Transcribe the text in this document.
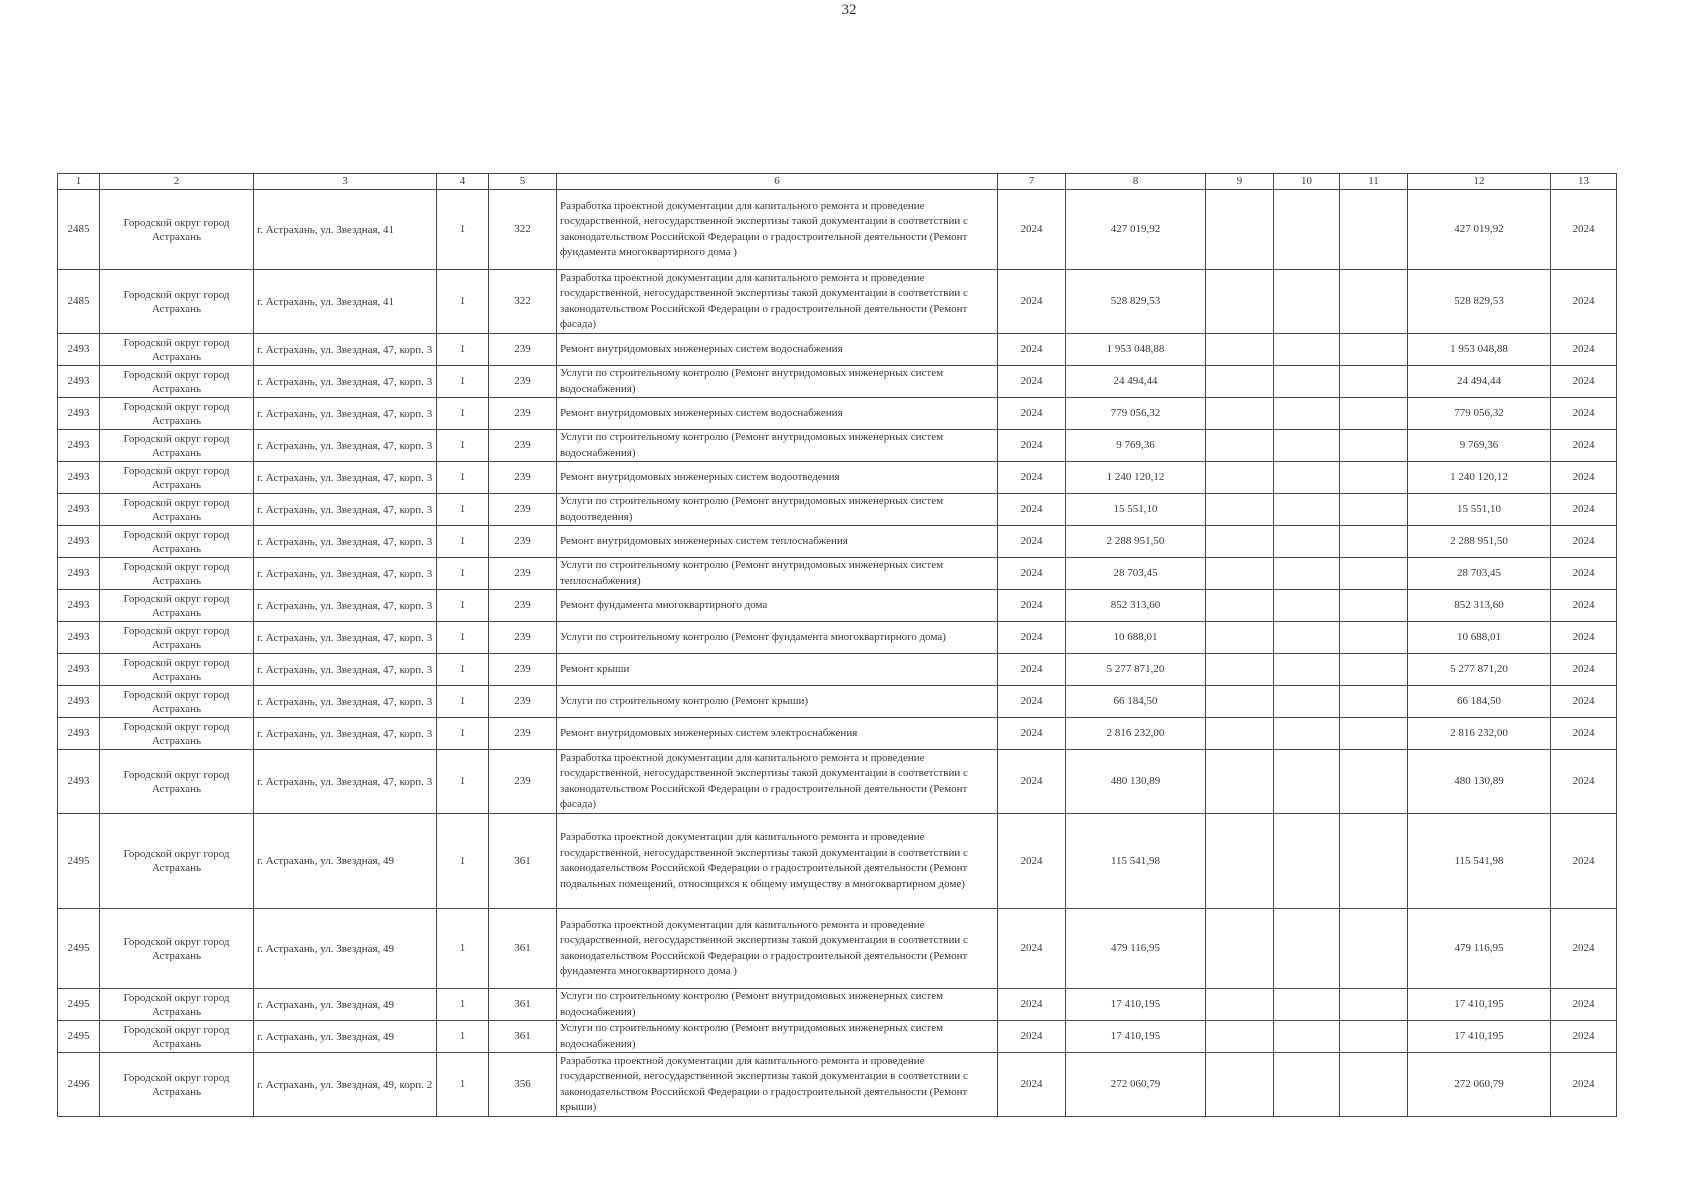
32
1	2	3	4	5	6	7	8	9	10	11	12	13
2485	Городской округ город Астрахань	г. Астрахань, ул. Звездная, 41	1	322	Разработка проектной документации для капитального ремонта и проведение государственной, негосударственной экспертизы такой документации в соответствии с законодательством Российской Федерации о градостроительной деятельности (Ремонт фундамента многоквартирного дома )	2024	427 019,92				427 019,92	2024
2485	Городской округ город Астрахань	г. Астрахань, ул. Звездная, 41	1	322	Разработка проектной документации для капитального ремонта и проведение государственной, негосударственной экспертизы такой документации в соответствии с законодательством Российской Федерации о градостроительной деятельности (Ремонт фасада)	2024	528 829,53				528 829,53	2024
2493	Городской округ город Астрахань	г. Астрахань, ул. Звездная, 47, корп. 3	1	239	Ремонт внутридомовых инженерных систем водоснабжения	2024	1 953 048,88				1 953 048,88	2024
2493	Городской округ город Астрахань	г. Астрахань, ул. Звездная, 47, корп. 3	1	239	Услуги по строительному контролю (Ремонт внутридомовых инженерных систем водоснабжения)	2024	24 494,44				24 494,44	2024
2493	Городской округ город Астрахань	г. Астрахань, ул. Звездная, 47, корп. 3	1	239	Ремонт внутридомовых инженерных систем водоснабжения	2024	779 056,32				779 056,32	2024
2493	Городской округ город Астрахань	г. Астрахань, ул. Звездная, 47, корп. 3	1	239	Услуги по строительному контролю (Ремонт внутридомовых инженерных систем водоснабжения)	2024	9 769,36				9 769,36	2024
2493	Городской округ город Астрахань	г. Астрахань, ул. Звездная, 47, корп. 3	1	239	Ремонт внутридомовых инженерных систем водоотведения	2024	1 240 120,12				1 240 120,12	2024
2493	Городской округ город Астрахань	г. Астрахань, ул. Звездная, 47, корп. 3	1	239	Услуги по строительному контролю (Ремонт внутридомовых инженерных систем водоотведения)	2024	15 551,10				15 551,10	2024
2493	Городской округ город Астрахань	г. Астрахань, ул. Звездная, 47, корп. 3	1	239	Ремонт внутридомовых инженерных систем теплоснабжения	2024	2 288 951,50				2 288 951,50	2024
2493	Городской округ город Астрахань	г. Астрахань, ул. Звездная, 47, корп. 3	1	239	Услуги по строительному контролю (Ремонт внутридомовых инженерных систем теплоснабжения)	2024	28 703,45				28 703,45	2024
2493	Городской округ город Астрахань	г. Астрахань, ул. Звездная, 47, корп. 3	1	239	Ремонт фундамента многоквартирного дома	2024	852 313,60				852 313,60	2024
2493	Городской округ город Астрахань	г. Астрахань, ул. Звездная, 47, корп. 3	1	239	Услуги по строительному контролю (Ремонт фундамента многоквартирного дома)	2024	10 688,01				10 688,01	2024
2493	Городской округ город Астрахань	г. Астрахань, ул. Звездная, 47, корп. 3	1	239	Ремонт крыши	2024	5 277 871,20				5 277 871,20	2024
2493	Городской округ город Астрахань	г. Астрахань, ул. Звездная, 47, корп. 3	1	239	Услуги по строительному контролю (Ремонт крыши)	2024	66 184,50				66 184,50	2024
2493	Городской округ город Астрахань	г. Астрахань, ул. Звездная, 47, корп. 3	1	239	Ремонт внутридомовых инженерных систем электроснабжения	2024	2 816 232,00				2 816 232,00	2024
2493	Городской округ город Астрахань	г. Астрахань, ул. Звездная, 47, корп. 3	1	239	Разработка проектной документации для капитального ремонта и проведение государственной, негосударственной экспертизы такой документации в соответствии с законодательством Российской Федерации о градостроительной деятельности (Ремонт фасада)	2024	480 130,89				480 130,89	2024
2495	Городской округ город Астрахань	г. Астрахань, ул. Звездная, 49	1	361	Разработка проектной документации для капитального ремонта и проведение государственной, негосударственной экспертизы такой документации в соответствии с законодательством Российской Федерации о градостроительной деятельности (Ремонт подвальных помещений, относящихся к общему имуществу в многоквартирном доме)	2024	115 541,98				115 541,98	2024
2495	Городской округ город Астрахань	г. Астрахань, ул. Звездная, 49	1	361	Разработка проектной документации для капитального ремонта и проведение государственной, негосударственной экспертизы такой документации в соответствии с законодательством Российской Федерации о градостроительной деятельности (Ремонт фундамента многоквартирного дома )	2024	479 116,95				479 116,95	2024
2495	Городской округ город Астрахань	г. Астрахань, ул. Звездная, 49	1	361	Услуги по строительному контролю (Ремонт внутридомовых инженерных систем водоснабжения)	2024	17 410,195				17 410,195	2024
2495	Городской округ город Астрахань	г. Астрахань, ул. Звездная, 49	1	361	Услуги по строительному контролю (Ремонт внутридомовых инженерных систем водоснабжения)	2024	17 410,195				17 410,195	2024
2496	Городской округ город Астрахань	г. Астрахань, ул. Звездная, 49, корп. 2	1	356	Разработка проектной документации для капитального ремонта и проведение государственной, негосударственной экспертизы такой документации в соответствии с законодательством Российской Федерации о градостроительной деятельности (Ремонт крыши)	2024	272 060,79				272 060,79	2024
